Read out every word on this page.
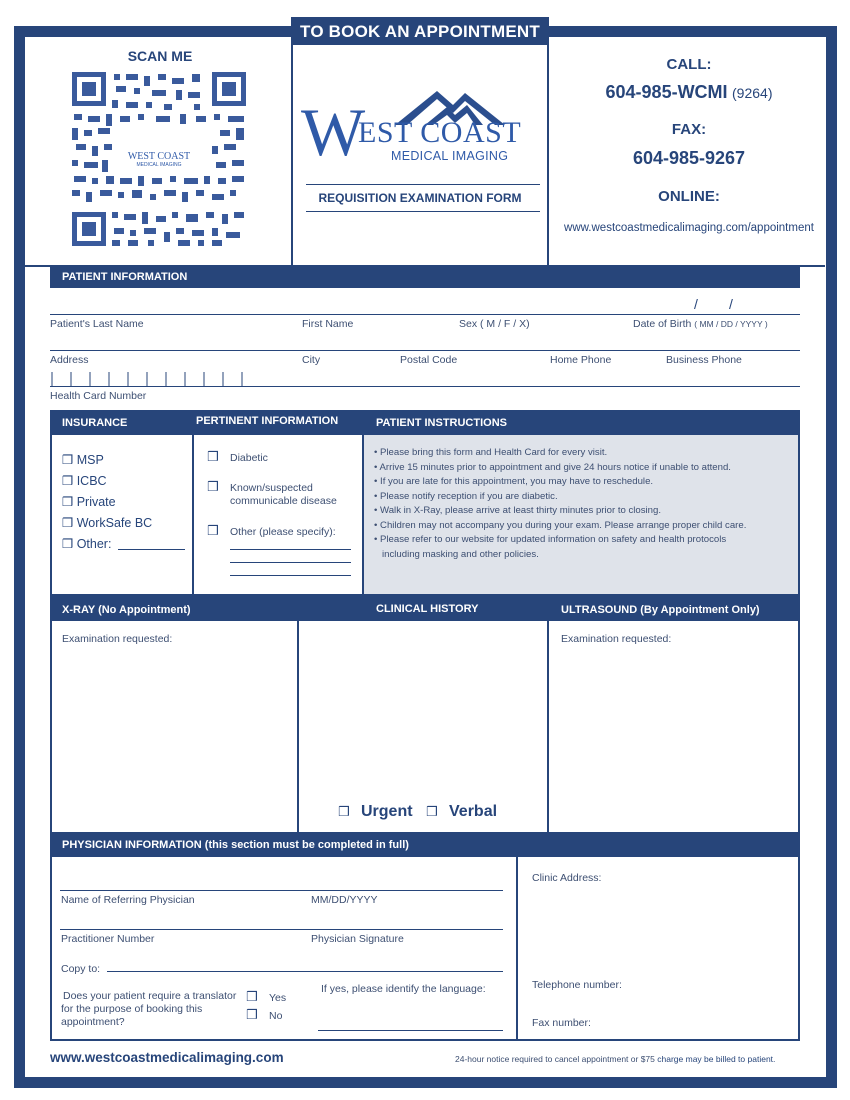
TO BOOK AN APPOINTMENT
SCAN ME
WEST COAST
MEDICAL IMAGING W
EST COAST
MEDICAL IMAGING
REQUISITION EXAMINATION FORM
CALL:
604-985-WCMI (9264)
FAX:
604-985-9267
ONLINE:
www.westcoastmedicalimaging.com/appointment
PATIENT INFORMATION
/ /
Patient's Last Name	First Name	Sex ( M / F / X)	Date of Birth ( MM / DD / YYYY )
Address	City	Postal Code	Home Phone	Business Phone
Health Card Number
INSURANCE	PERTINENT INFORMATION	PATIENT INSTRUCTIONS
❒ MSP
❒ ICBC
❒ Private
❒ WorkSafe BC
❒ Other:
❒ Diabetic
❒ Known/suspected
communicable disease
❒ Other (please specify):
• Please bring this form and Health Card for every visit.
• Arrive 15 minutes prior to appointment and give 24 hours notice if unable to attend.
• If you are late for this appointment, you may have to reschedule.
• Please notify reception if you are diabetic.
• Walk in X-Ray, please arrive at least thirty minutes prior to closing.
• Children may not accompany you during your exam. Please arrange proper child care.
• Please refer to our website for updated information on safety and health protocols
including masking and other policies.
X-RAY (No Appointment)	CLINICAL HISTORY	ULTRASOUND (By Appointment Only)
Examination requested:	Examination requested:
❒ Urgent ❒ Verbal
PHYSICIAN INFORMATION (this section must be completed in full)
Name of Referring Physician	MM/DD/YYYY
Practitioner Number	Physician Signature
Copy to:
Does your patient require a translator
for the purpose of booking this
appointment?
❒ Yes
❒ No
If yes, please identify the language:
Clinic Address:
Telephone number:
Fax number:
www.westcoastmedicalimaging.com	24-hour notice required to cancel appointment or $75 charge may be billed to patient.
